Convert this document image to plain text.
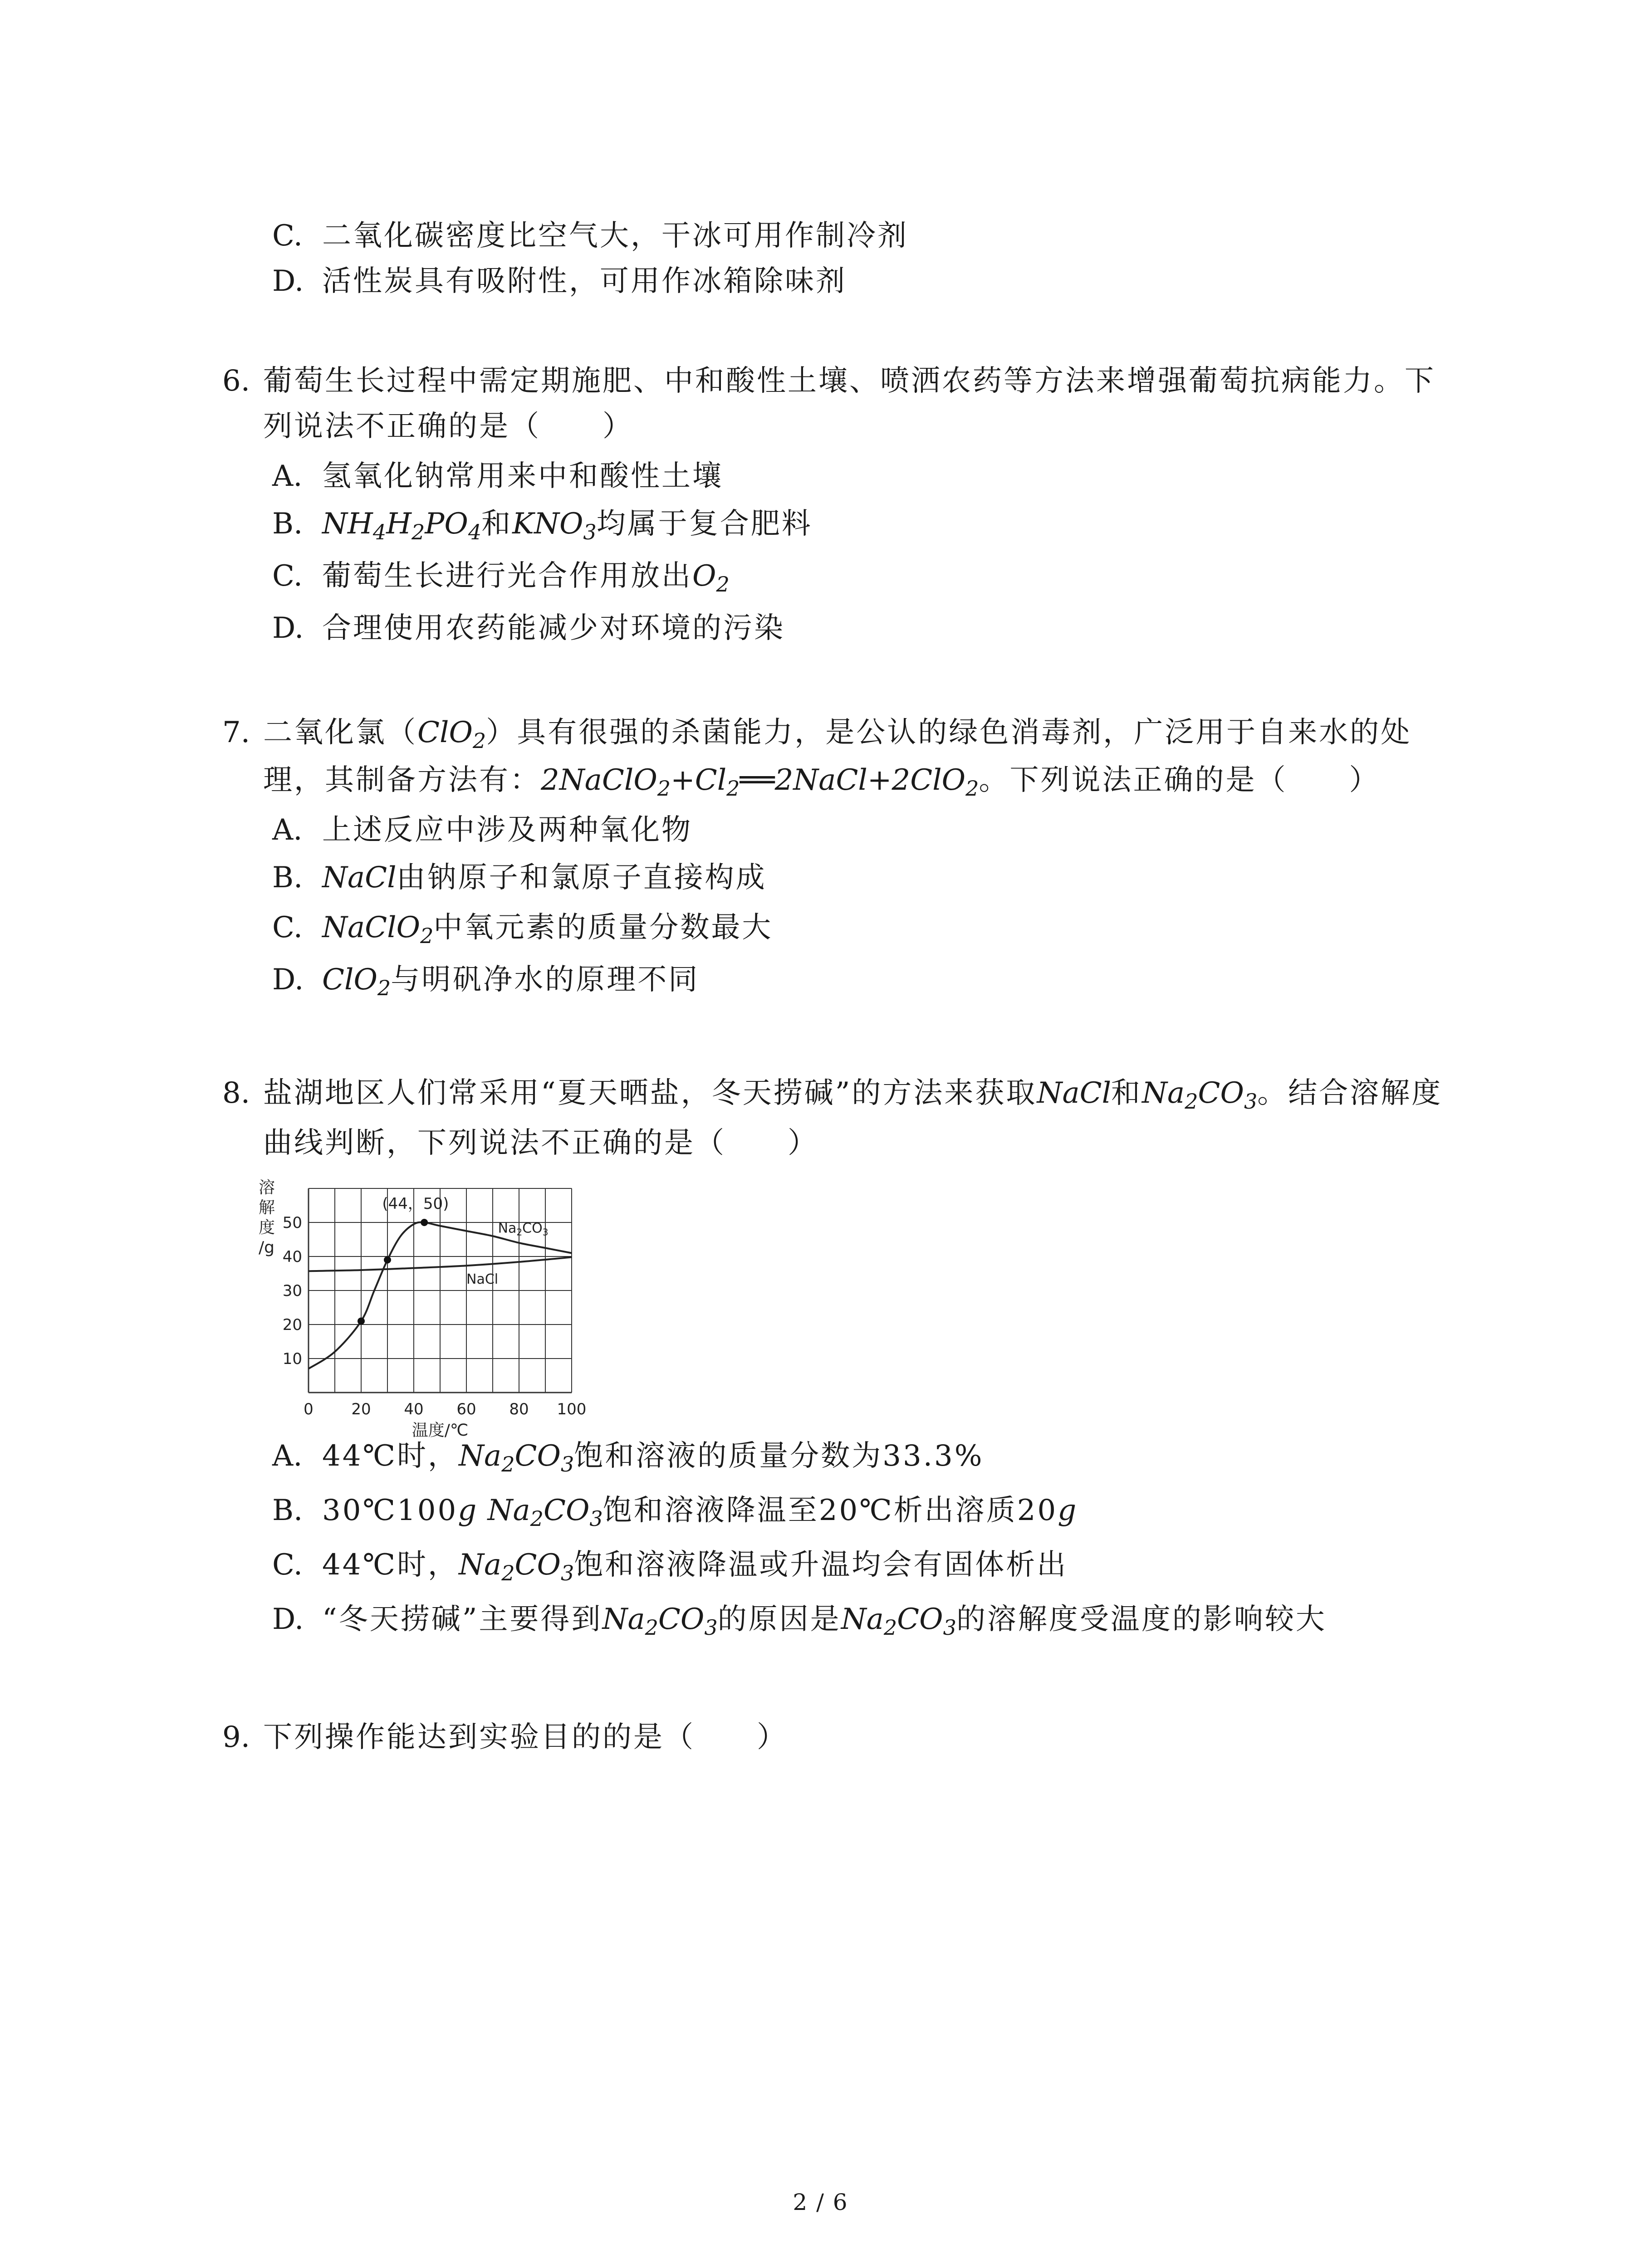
C. 二氧化碳密度比空气大，干冰可用作制冷剂
D. 活性炭具有吸附性，可用作冰箱除味剂
6. 葡萄生长过程中需定期施肥、中和酸性土壤、喷洒农药等方法来增强葡萄抗病能力。下
列说法不正确的是（　　）
A. 氢氧化钠常用来中和酸性土壤
B. $NH_4H_2PO_4$和$KNO_3$均属于复合肥料
C. 葡萄生长进行光合作用放出$O_2$
D. 合理使用农药能减少对环境的污染
7. 二氧化氯（ClO$_2$）具有很强的杀菌能力，是公认的绿色消毒剂，广泛用于自来水的处
理，其制备方法有：$2NaClO_2+Cl_2══2NaCl+2ClO_2$。下列说法正确的是（　　）
A. 上述反应中涉及两种氧化物
B. NaCl由钠原子和氯原子直接构成
C. NaClO$_2$中氧元素的质量分数最大
D. ClO$_2$与明矾净水的原理不同
8. 盐湖地区人们常采用“夏天晒盐，冬天捞碱”的方法来获取NaCl和$Na_2CO_3$。结合溶解度
曲线判断，下列说法不正确的是（　　）
溶
解
度
/g
0 20 40 60 80 100
10
20
30
40
50
(44，50)
$Na_2CO_3$
NaCl
温度/℃
A. 44℃时，$Na_2CO_3$饱和溶液的质量分数为33.3%
B. 30℃100g $Na_2CO_3$饱和溶液降温至20℃析出溶质20g
C. 44℃时，$Na_2CO_3$饱和溶液降温或升温均会有固体析出
D. “冬天捞碱”主要得到$Na_2CO_3$的原因是$Na_2CO_3$的溶解度受温度的影响较大
9. 下列操作能达到实验目的的是（　　）
2 / 6
